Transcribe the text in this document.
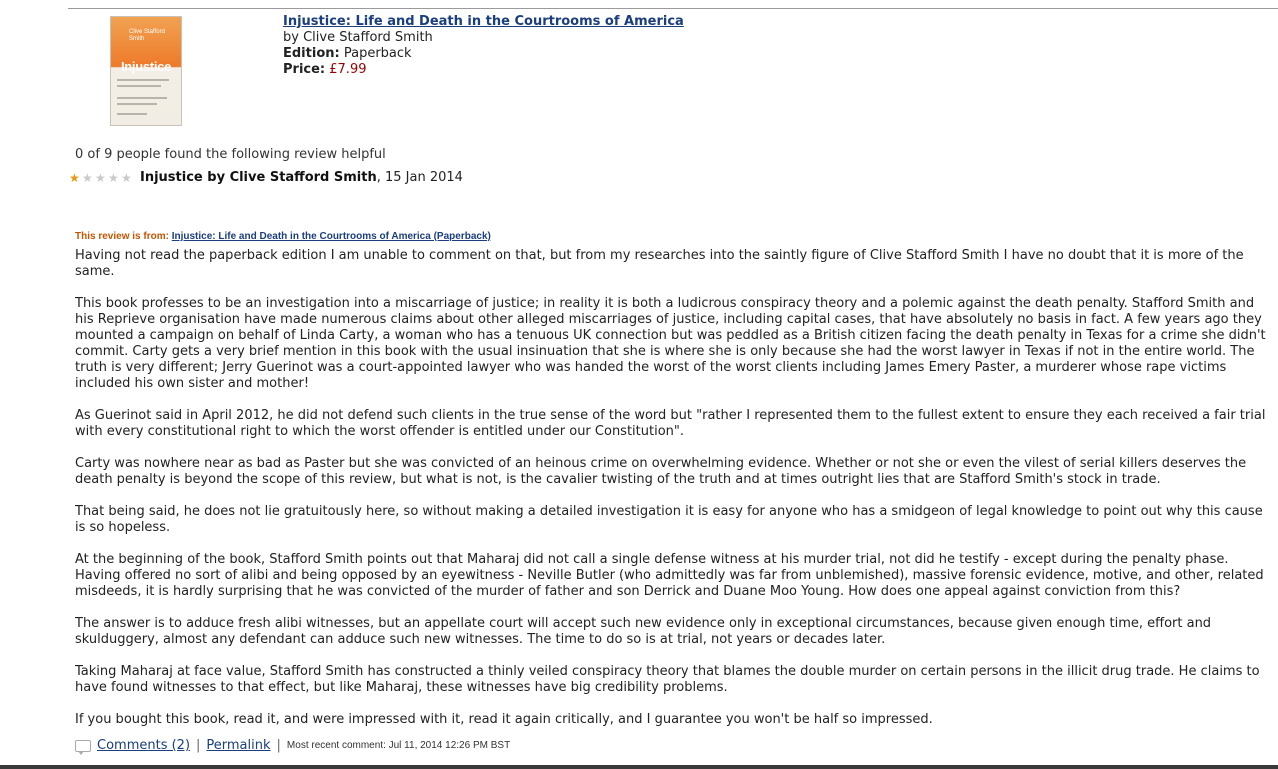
Clive Stafford Smith
Injustice
Injustice: Life and Death in the Courtrooms of America
by Clive Stafford Smith
Edition: Paperback
Price: £7.99
0 of 9 people found the following review helpful
★ ★ ★ ★ ★ Injustice by Clive Stafford Smith , 15 Jan 2014
This review is from: Injustice: Life and Death in the Courtrooms of America (Paperback)

Having not read the paperback edition I am unable to comment on that, but from my researches into the saintly figure of Clive Stafford Smith I have no doubt that it is more of the same.

This book professes to be an investigation into a miscarriage of justice; in reality it is both a ludicrous conspiracy theory and a polemic against the death penalty. Stafford Smith and his Reprieve organisation have made numerous claims about other alleged miscarriages of justice, including capital cases, that have absolutely no basis in fact. A few years ago they mounted a campaign on behalf of Linda Carty, a woman who has a tenuous UK connection but was peddled as a British citizen facing the death penalty in Texas for a crime she didn't commit. Carty gets a very brief mention in this book with the usual insinuation that she is where she is only because she had the worst lawyer in Texas if not in the entire world. The truth is very different; Jerry Guerinot was a court-appointed lawyer who was handed the worst of the worst clients including James Emery Paster, a murderer whose rape victims included his own sister and mother!

As Guerinot said in April 2012, he did not defend such clients in the true sense of the word but "rather I represented them to the fullest extent to ensure they each received a fair trial with every constitutional right to which the worst offender is entitled under our Constitution".

Carty was nowhere near as bad as Paster but she was convicted of an heinous crime on overwhelming evidence. Whether or not she or even the vilest of serial killers deserves the death penalty is beyond the scope of this review, but what is not, is the cavalier twisting of the truth and at times outright lies that are Stafford Smith's stock in trade.

That being said, he does not lie gratuitously here, so without making a detailed investigation it is easy for anyone who has a smidgeon of legal knowledge to point out why this cause is so hopeless.

At the beginning of the book, Stafford Smith points out that Maharaj did not call a single defense witness at his murder trial, not did he testify - except during the penalty phase. Having offered no sort of alibi and being opposed by an eyewitness - Neville Butler (who admittedly was far from unblemished), massive forensic evidence, motive, and other, related misdeeds, it is hardly surprising that he was convicted of the murder of father and son Derrick and Duane Moo Young. How does one appeal against conviction from this?

The answer is to adduce fresh alibi witnesses, but an appellate court will accept such new evidence only in exceptional circumstances, because given enough time, effort and skulduggery, almost any defendant can adduce such new witnesses. The time to do so is at trial, not years or decades later.

Taking Maharaj at face value, Stafford Smith has constructed a thinly veiled conspiracy theory that blames the double murder on certain persons in the illicit drug trade. He claims to have found witnesses to that effect, but like Maharaj, these witnesses have big credibility problems.

If you bought this book, read it, and were impressed with it, read it again critically, and I guarantee you won't be half so impressed.

Comments (2) | Permalink | Most recent comment: Jul 11, 2014 12:26 PM BST
